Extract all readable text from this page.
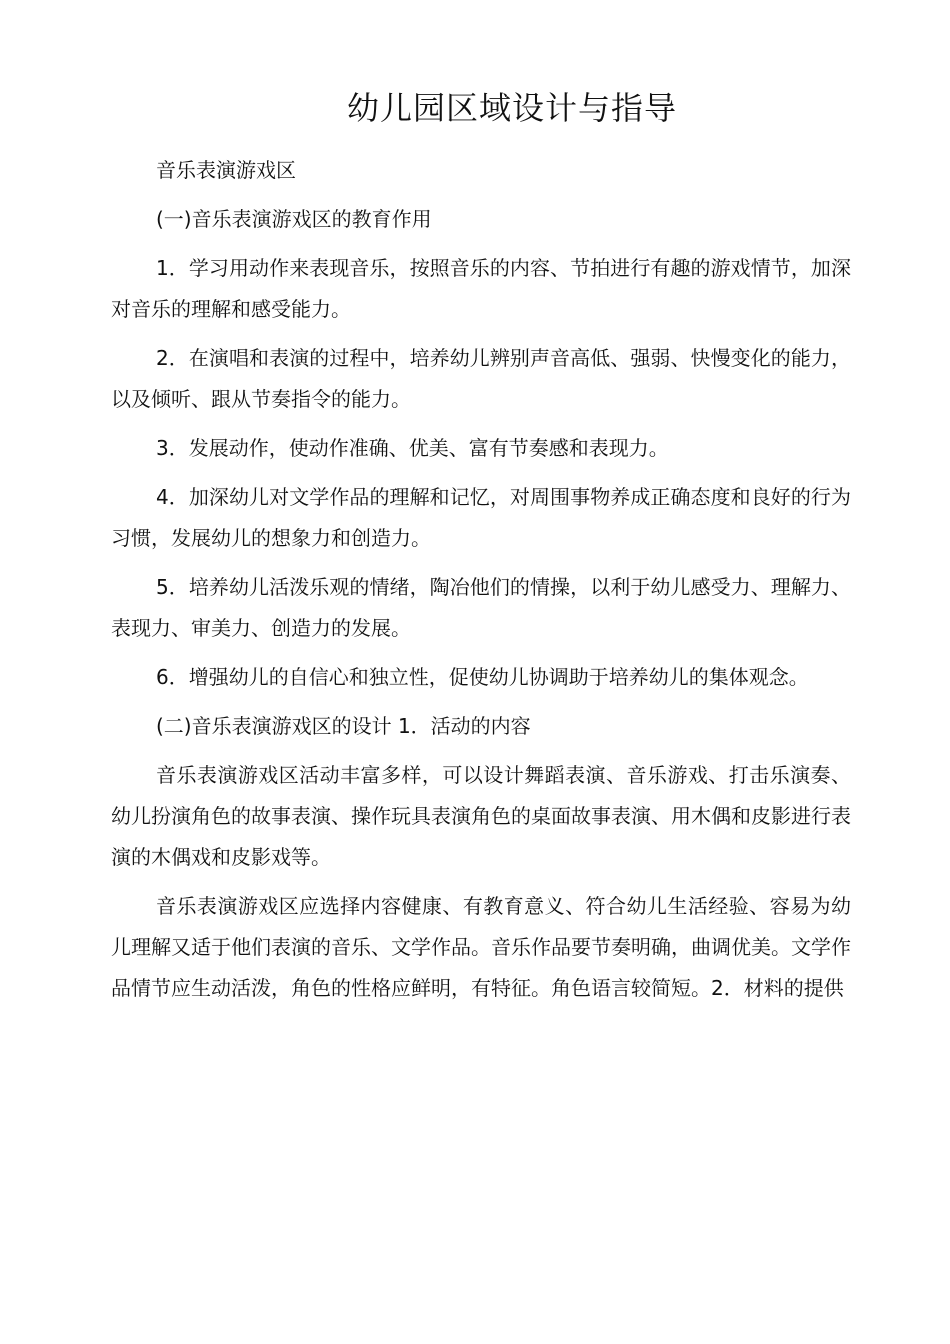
幼儿园区域设计与指导

音乐表演游戏区

(一)音乐表演游戏区的教育作用

1．学习用动作来表现音乐，按照音乐的内容、节拍进行有趣的游戏情节，加深对音乐的理解和感受能力。

2．在演唱和表演的过程中，培养幼儿辨别声音高低、强弱、快慢变化的能力，以及倾听、跟从节奏指令的能力。

3．发展动作，使动作准确、优美、富有节奏感和表现力。

4．加深幼儿对文学作品的理解和记忆，对周围事物养成正确态度和良好的行为习惯，发展幼儿的想象力和创造力。

5．培养幼儿活泼乐观的情绪，陶冶他们的情操，以利于幼儿感受力、理解力、表现力、审美力、创造力的发展。

6．增强幼儿的自信心和独立性，促使幼儿协调助于培养幼儿的集体观念。

(二)音乐表演游戏区的设计 1．活动的内容

音乐表演游戏区活动丰富多样，可以设计舞蹈表演、音乐游戏、打击乐演奏、幼儿扮演角色的故事表演、操作玩具表演角色的桌面故事表演、用木偶和皮影进行表演的木偶戏和皮影戏等。

音乐表演游戏区应选择内容健康、有教育意义、符合幼儿生活经验、容易为幼儿理解又适于他们表演的音乐、文学作品。音乐作品要节奏明确，曲调优美。文学作品情节应生动活泼，角色的性格应鲜明，有特征。角色语言较简短。2．材料的提供
